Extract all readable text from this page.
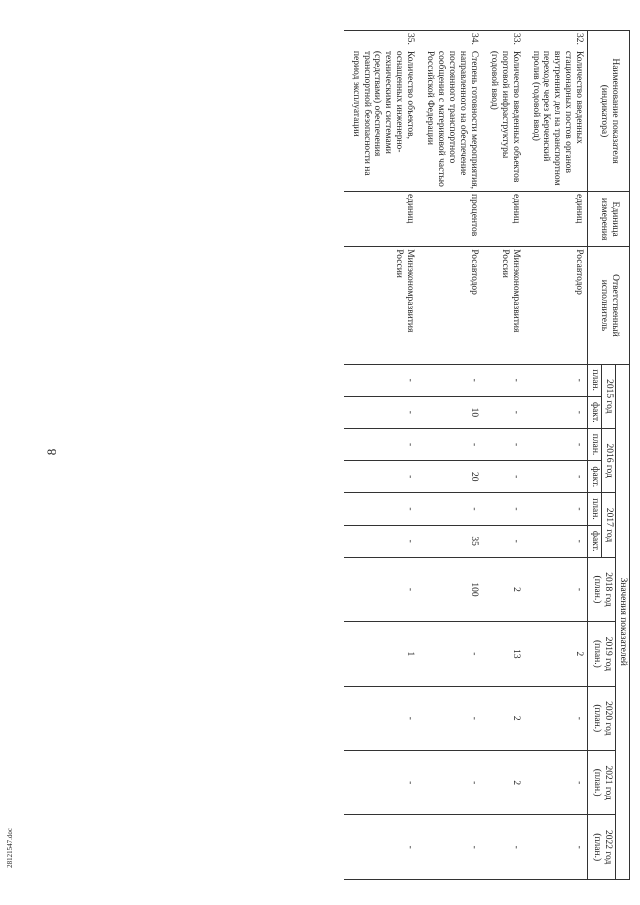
8
28121547.doc
Наименование показателя (индикатора)		Единица измерения	Ответственный исполнитель	Значения показателей										
				2015 год		2016 год		2017 год		2018 год (план.)	2019 год (план.)	2020 год (план.)	2021 год (план.)	2022 год (план.)
				план.	факт.	план.	факт.	план.	факт.					
32.	Количество введенных стационарных постов органов внутренних дел на транспортном переходе через Керченский пролив (годовой ввод)	единиц	Росавтодор	-	-	-	-	-	-	-	2	-	-	-
33.	Количество введенных объектов портовой инфраструктуры (годовой ввод)	единиц	Минэкономразвития России	-	-	-	-	-	-	2	13	2	2	-
34.	Степень готовности мероприятия, направленного на обеспечение постоянного транспортного сообщения с материковой частью Российской Федерации	процентов	Росавтодор	-	10	-	20	-	35	100	-	-	-	-
35.	Количество объектов, оснащенных инженерно-техническими системами (средствами) обеспечения транспортной безопасности на период эксплуатации	единиц	Минэкономразвития России	-	-	-	-	-	-	-	1	-	-	-
